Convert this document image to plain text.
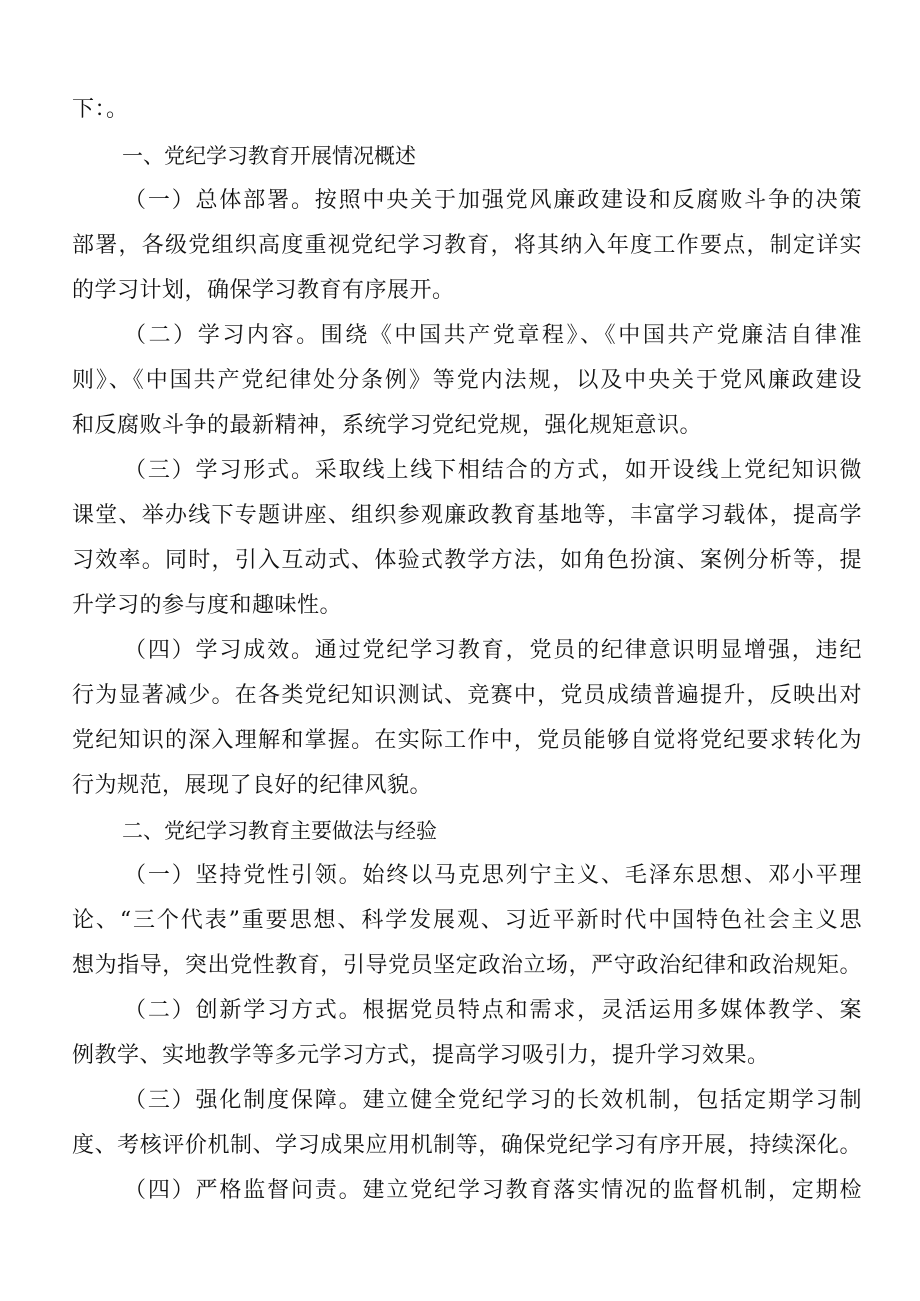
下：。
一、党纪学习教育开展情况概述
（一）总体部署。按照中央关于加强党风廉政建设和反腐败斗争的决策
部署，各级党组织高度重视党纪学习教育，将其纳入年度工作要点，制定详实
的学习计划，确保学习教育有序展开。
（二）学习内容。围绕《中国共产党章程》、《中国共产党廉洁自律准
则》、《中国共产党纪律处分条例》等党内法规，以及中央关于党风廉政建设
和反腐败斗争的最新精神，系统学习党纪党规，强化规矩意识。
（三）学习形式。采取线上线下相结合的方式，如开设线上党纪知识微
课堂、举办线下专题讲座、组织参观廉政教育基地等，丰富学习载体，提高学
习效率。同时，引入互动式、体验式教学方法，如角色扮演、案例分析等，提
升学习的参与度和趣味性。
（四）学习成效。通过党纪学习教育，党员的纪律意识明显增强，违纪
行为显著减少。在各类党纪知识测试、竞赛中，党员成绩普遍提升，反映出对
党纪知识的深入理解和掌握。在实际工作中，党员能够自觉将党纪要求转化为
行为规范，展现了良好的纪律风貌。
二、党纪学习教育主要做法与经验
（一）坚持党性引领。始终以马克思列宁主义、毛泽东思想、邓小平理
论、“三个代表”重要思想、科学发展观、习近平新时代中国特色社会主义思
想为指导，突出党性教育，引导党员坚定政治立场，严守政治纪律和政治规矩。
（二）创新学习方式。根据党员特点和需求，灵活运用多媒体教学、案
例教学、实地教学等多元学习方式，提高学习吸引力，提升学习效果。
（三）强化制度保障。建立健全党纪学习的长效机制，包括定期学习制
度、考核评价机制、学习成果应用机制等，确保党纪学习有序开展，持续深化。
（四）严格监督问责。建立党纪学习教育落实情况的监督机制，定期检
